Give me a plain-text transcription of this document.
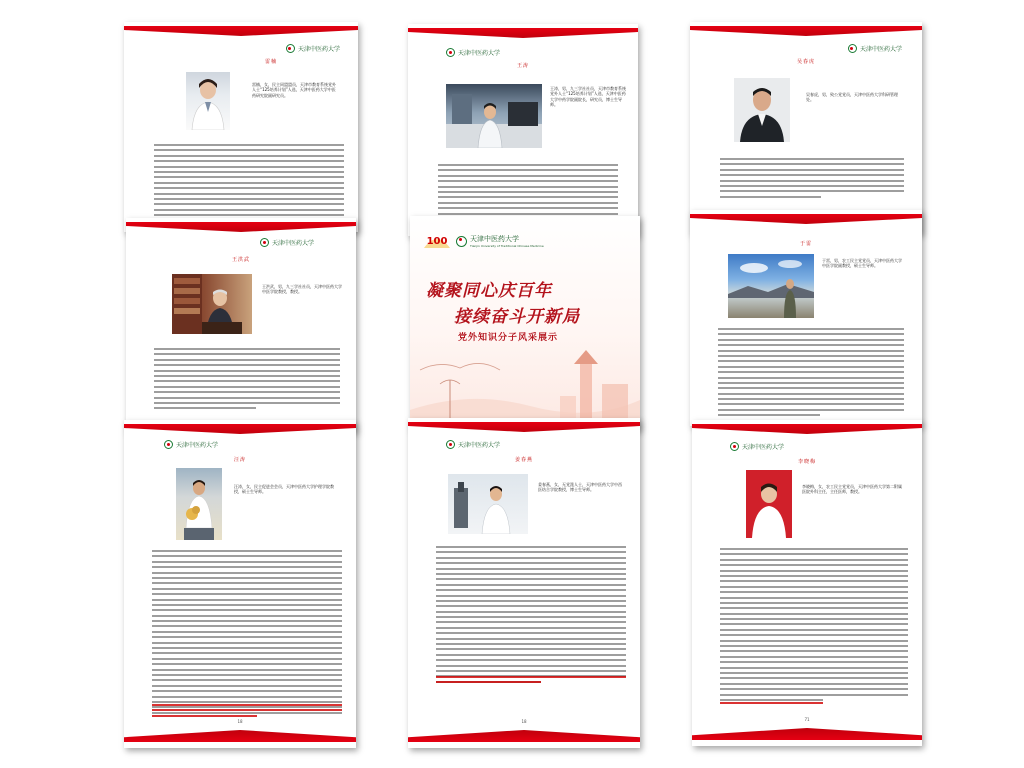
天津中医药大学
雷楠
雷楠，女，民主同盟盟员，天津市教育系统党外人士“125培养计划”人选，天津中医药大学中医药研究院副研究员。
天津中医药大学
王涛
王涛，男，九三学社社员，天津市教育系统党外人士“125培养计划”人选，天津中医药大学中药学院副院长，研究员，博士生导师。
天津中医药大学
吴春虎
吴春虎，男，致公党党员，天津中医药大学科研管理处。
天津中医药大学
王洪武
王洪武，男，九三学社社员，天津中医药大学中医学院教授，教授。
100	天津中医药大学
Tianjin University of Traditional Chinese Medicine
凝聚同心庆百年
接续奋斗开新局
党外知识分子风采展示
于雷
于雷，男，农工民主党党员，天津中医药大学中医学院副教授，硕士生导师。
天津中医药大学
汪涛
汪涛，女，民主促进会会员，天津中医药大学护理学院教授，硕士生导师。
18
天津中医药大学
姜春燕
姜春燕，女，无党派人士，天津中医药大学中西医结合学院教授，博士生导师。
18
天津中医药大学
李晓梅
李晓梅，女，农工民主党党员，天津中医药大学第二附属医院外科主任，主任医师，教授。
71
